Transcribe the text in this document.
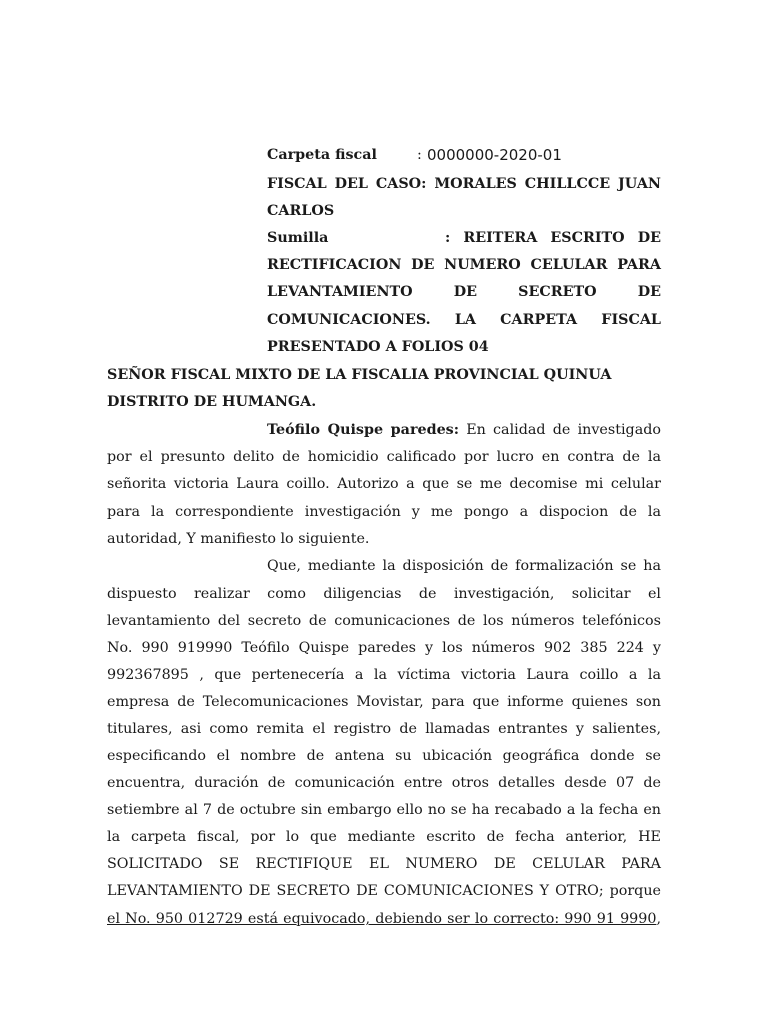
Carpeta fiscal	: 0000000-2020-01
FISCAL DEL CASO: MORALES CHILLCCE JUAN
CARLOS
Sumilla	: REITERA ESCRITO DE
RECTIFICACION DE NUMERO CELULAR PARA
LEVANTAMIENTO DE SECRETO DE
COMUNICACIONES. LA CARPETA FISCAL
PRESENTADO A FOLIOS 04
SEÑOR FISCAL MIXTO DE LA FISCALIA PROVINCIAL QUINUA
DISTRITO DE HUMANGA.
Teófilo Quispe paredes: En calidad de investigado
por el presunto delito de homicidio calificado por lucro en contra de la
señorita victoria Laura coillo. Autorizo a que se me decomise mi celular
para la correspondiente investigación y me pongo a dispocion de la
autoridad, Y manifiesto lo siguiente.
Que, mediante la disposición de formalización se ha
dispuesto realizar como diligencias de investigación, solicitar el
levantamiento del secreto de comunicaciones de los números telefónicos
No. 990 919990 Teófilo Quispe paredes y los números 902 385 224 y
992367895 , que pertenecería a la víctima victoria Laura coillo a la
empresa de Telecomunicaciones Movistar, para que informe quienes son
titulares, asi como remita el registro de llamadas entrantes y salientes,
especificando el nombre de antena su ubicación geográfica donde se
encuentra, duración de comunicación entre otros detalles desde 07 de
setiembre al 7 de octubre sin embargo ello no se ha recabado a la fecha en
la carpeta fiscal, por lo que mediante escrito de fecha anterior, HE
SOLICITADO SE RECTIFIQUE EL NUMERO DE CELULAR PARA
LEVANTAMIENTO DE SECRETO DE COMUNICACIONES Y OTRO; porque
el No. 950 012729 está equivocado, debiendo ser lo correcto: 990 91 9990,
